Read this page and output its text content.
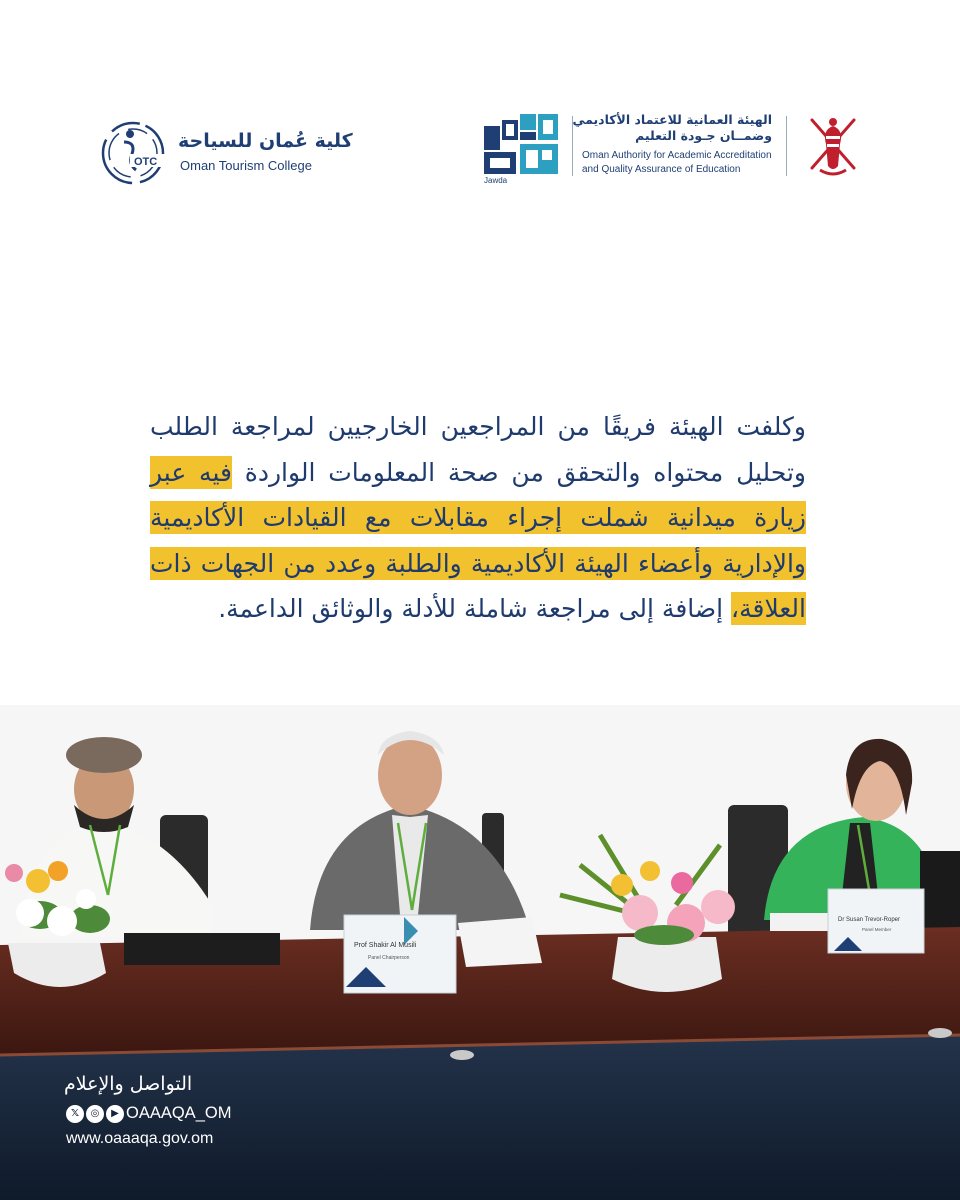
OTC
كلية عُمان للسياحة
Oman Tourism College
Jawda
الهيئة العمانية للاعتماد الأكاديمي
وضمــان جـودة التعليم
Oman Authority for Academic Accreditation
and Quality Assurance of Education
وكلفت الهيئة فريقًا من المراجعين الخارجيين لمراجعة الطلب وتحليل محتواه والتحقق من صحة المعلومات الواردة فيه عبر زيارة ميدانية شملت إجراء مقابلات مع القيادات الأكاديمية والإدارية وأعضاء الهيئة الأكاديمية والطلبة وعدد من الجهات ذات العلاقة، إضافة إلى مراجعة شاملة للأدلة والوثائق الداعمة.
Prof Shakir Al Musili
Panel Chairperson
Dr Susan Trevor-Roper
Panel Member
التواصل والإعلام
𝕏	◎	▶ OAAAQA_OM
www.oaaaqa.gov.om
